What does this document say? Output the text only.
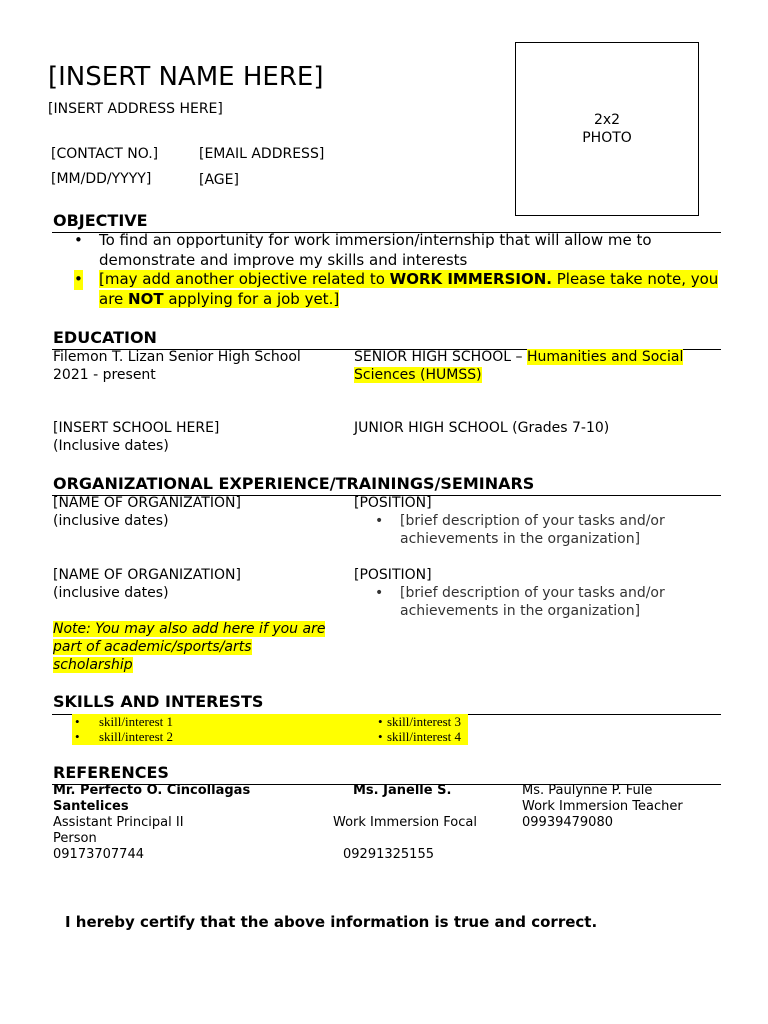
[INSERT NAME HERE]
[INSERT ADDRESS HERE]
[CONTACT NO.]	[EMAIL ADDRESS]
[MM/DD/YYYY]	[AGE]
2x2
PHOTO
OBJECTIVE
• To find an opportunity for work immersion/internship that will allow me to demonstrate and improve my skills and interests
• [may add another objective related to WORK IMMERSION. Please take note, you are NOT applying for a job yet.]
EDUCATION
Filemon T. Lizan Senior High School
2021 - present
SENIOR HIGH SCHOOL – Humanities and Social Sciences (HUMSS)
[INSERT SCHOOL HERE]
(Inclusive dates)
JUNIOR HIGH SCHOOL (Grades 7-10)
ORGANIZATIONAL EXPERIENCE/TRAININGS/SEMINARS
[NAME OF ORGANIZATION]
(inclusive dates)
[POSITION]
• [brief description of your tasks and/or
achievements in the organization]
[NAME OF ORGANIZATION]
(inclusive dates)
[POSITION]
• [brief description of your tasks and/or
achievements in the organization]
Note: You may also add here if you are
part of academic/sports/arts
scholarship
SKILLS AND INTERESTS
• skill/interest 1
• skill/interest 2
• skill/interest 3
• skill/interest 4
REFERENCES
Mr. Perfecto O. Cincollagas
Santelices
Assistant Principal II
Person
09173707744
Ms. Janelle S.
Work Immersion Focal
09291325155
Ms. Paulynne P. Fule
Work Immersion Teacher
09939479080
I hereby certify that the above information is true and correct.
